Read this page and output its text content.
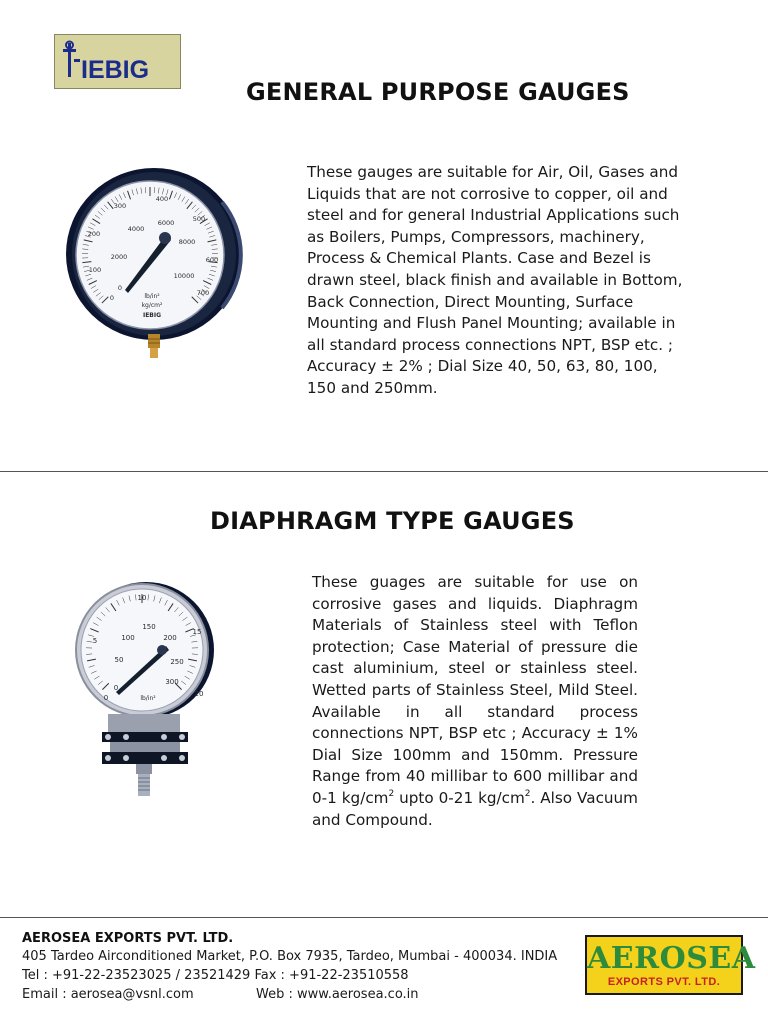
IEBIG
GENERAL PURPOSE GAUGES
0
100
200
300
400
500
600
700
0
2000
4000
6000
8000
10000
lb/in²
kg/cm²
IEBIG
These gauges are suitable for Air, Oil, Gases and
Liquids that are not corrosive to copper, oil and
steel and for general Industrial Applications such
as Boilers, Pumps, Compressors, machinery,
Process & Chemical Plants. Case and Bezel is
drawn steel, black finish and available in Bottom,
Back Connection, Direct Mounting, Surface
Mounting and Flush Panel Mounting; available in
all standard process connections NPT, BSP etc. ;
Accuracy ± 2% ; Dial Size 40, 50, 63, 80, 100,
150 and 250mm.
DIAPHRAGM TYPE GAUGES
0
5
10
15
20
0
50
100
150
200
250
300
lb/in²
These guages are suitable for use on corrosive gases and liquids. Diaphragm Materials of Stainless steel with Teflon protection; Case Material of pressure die cast aluminium, steel or stainless steel. Wetted parts of Stainless Steel, Mild Steel. Available in all standard process connections NPT, BSP etc ; Accuracy ± 1% Dial Size 100mm and 150mm. Pressure Range from 40 millibar to 600 millibar and 0-1 $kg/cm^2$ upto 0-21 $kg/cm^2$. Also Vacuum and Compound.
AEROSEA EXPORTS PVT. LTD.
405 Tardeo Airconditioned Market, P.O. Box 7935, Tardeo, Mumbai - 400034. INDIA
Tel : +91-22-23523025 / 23521429 Fax : +91-22-23510558
Email : aerosea@vsnl.com	Web : www.aerosea.co.in
AEROSEA
EXPORTS PVT. LTD.
